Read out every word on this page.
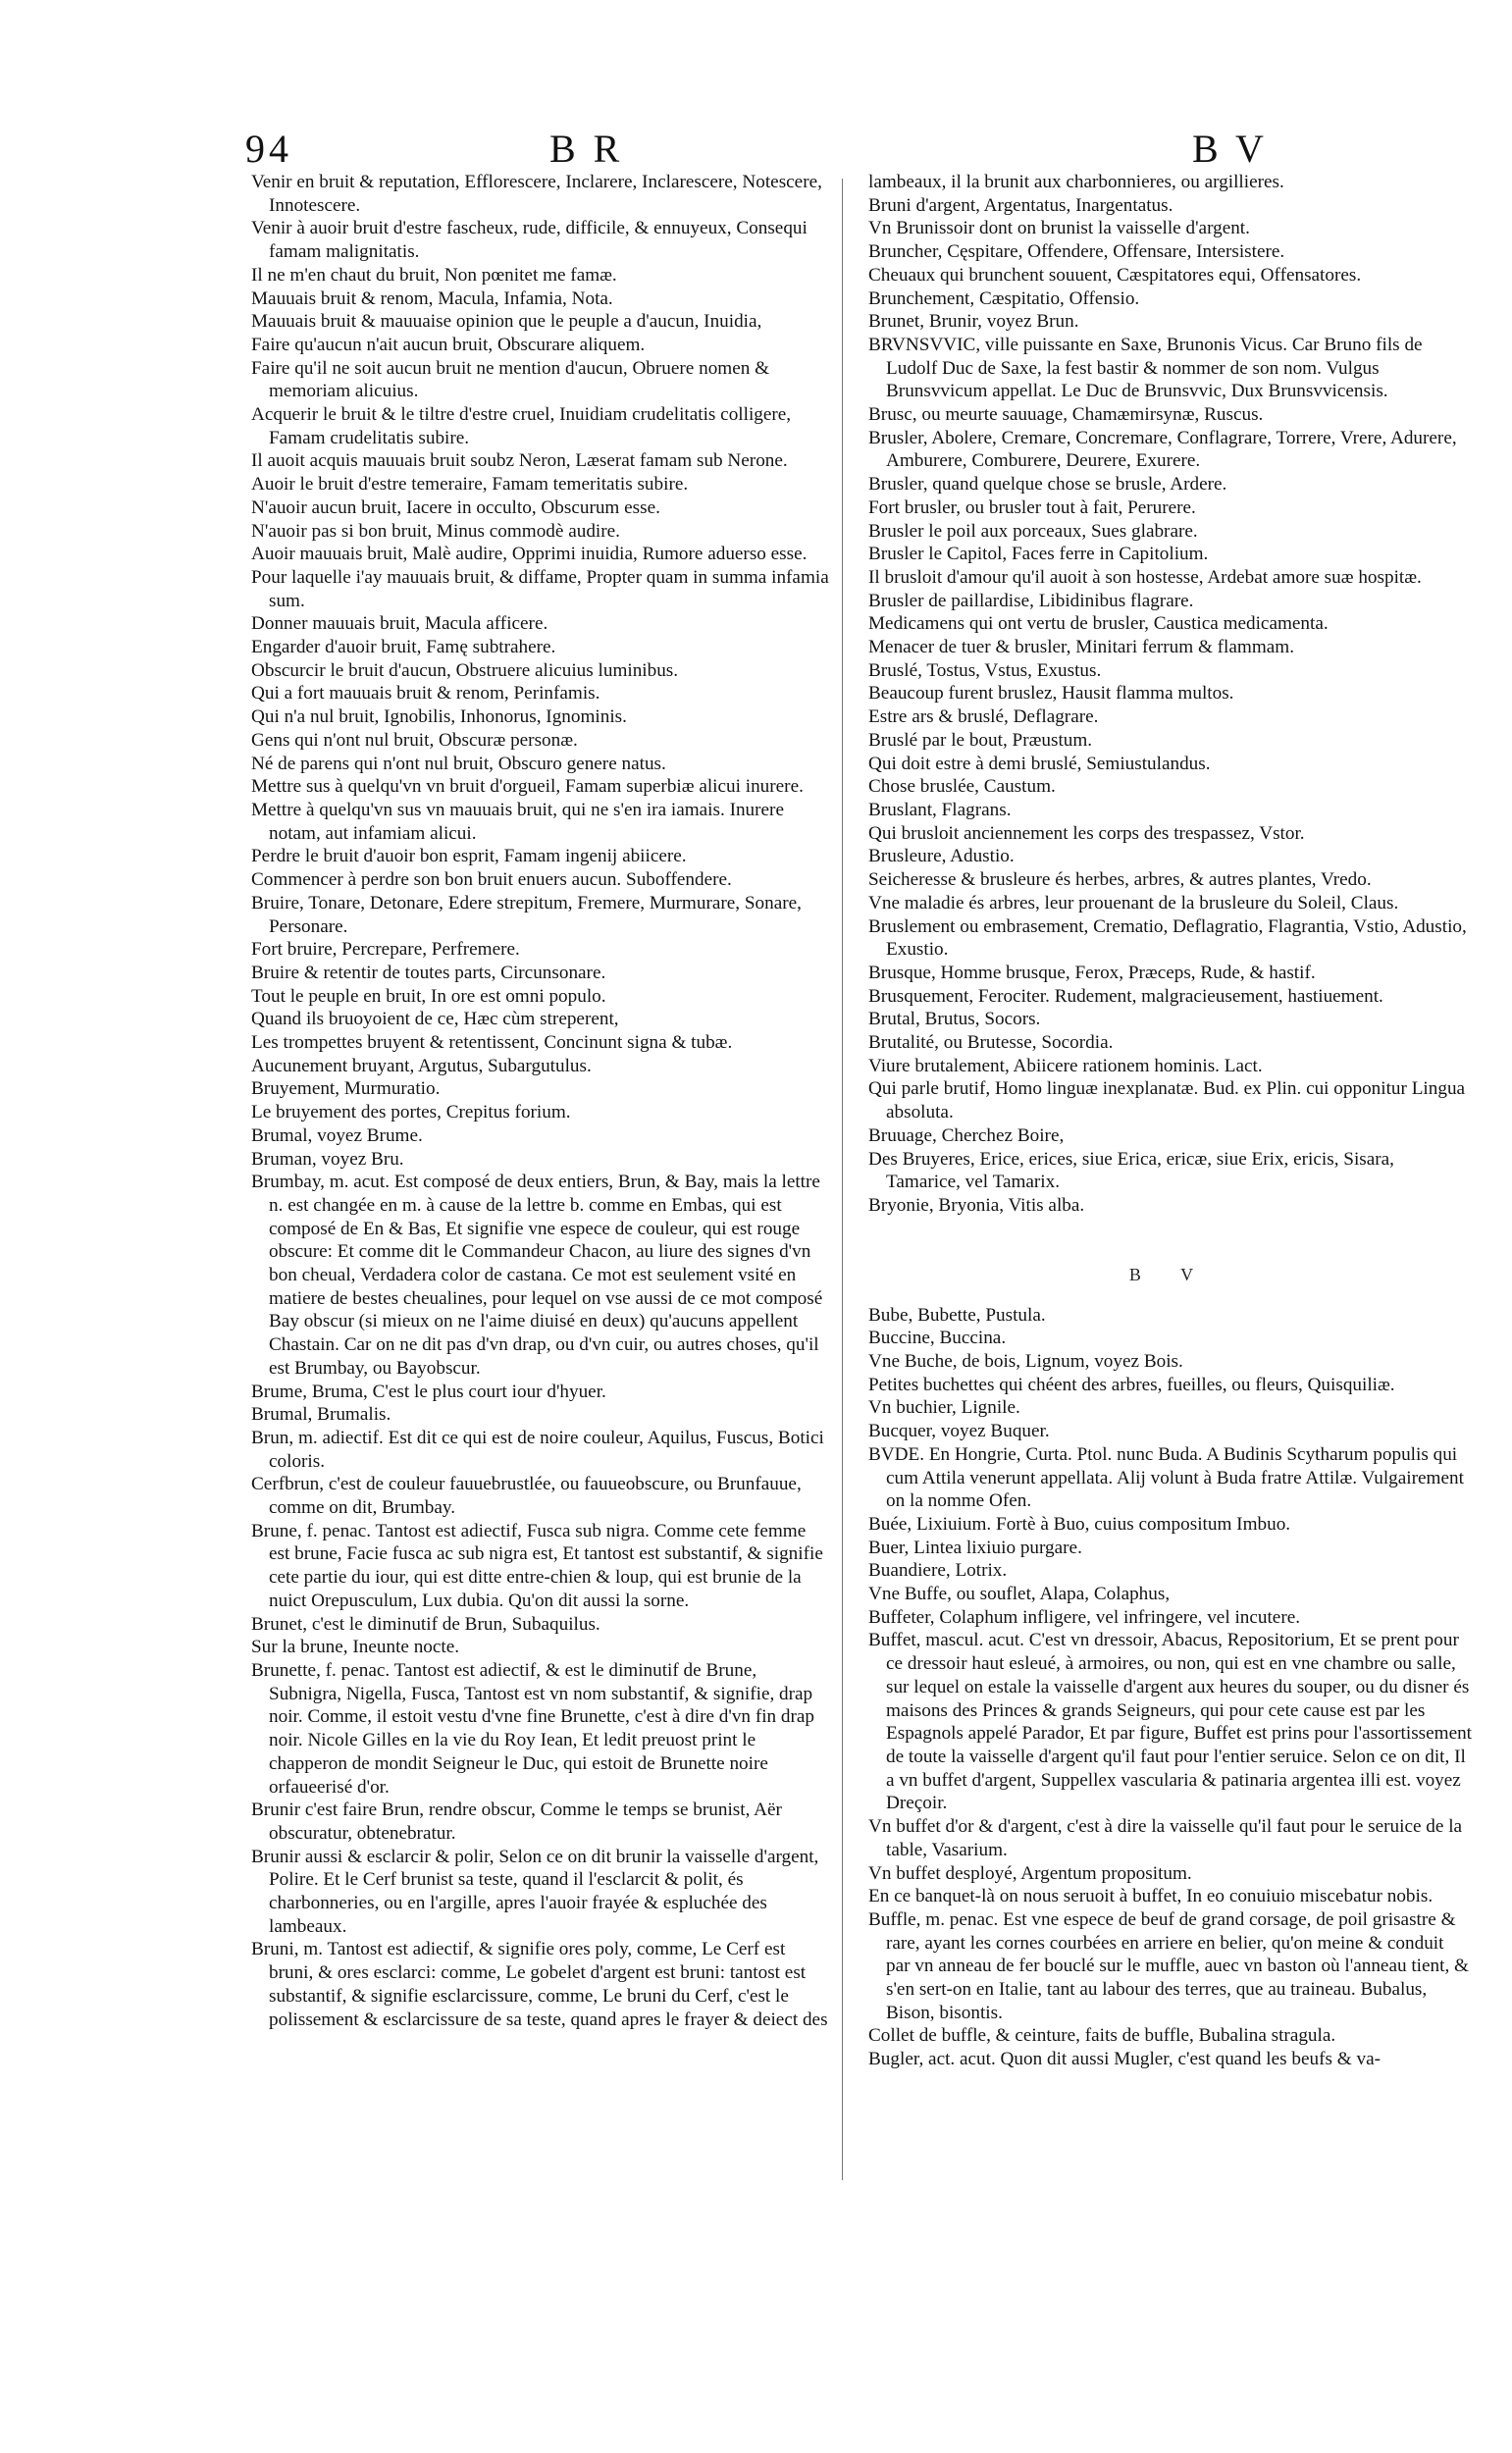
94	B R	B V
Venir en bruit & reputation, Efflorescere, Inclarere, Inclarescere, Notescere, Innotescere.
Venir à auoir bruit d'estre fascheux, rude, difficile, & ennuyeux, Consequi famam malignitatis.
Il ne m'en chaut du bruit, Non pœnitet me famæ.
Mauuais bruit & renom, Macula, Infamia, Nota.
Mauuais bruit & mauuaise opinion que le peuple a d'aucun, Inuidia,
Faire qu'aucun n'ait aucun bruit, Obscurare aliquem.
Faire qu'il ne soit aucun bruit ne mention d'aucun, Obruere nomen & memoriam alicuius.
Acquerir le bruit & le tiltre d'estre cruel, Inuidiam crudelitatis colligere, Famam crudelitatis subire.
Il auoit acquis mauuais bruit soubz Neron, Læserat famam sub Nerone.
Auoir le bruit d'estre temeraire, Famam temeritatis subire.
N'auoir aucun bruit, Iacere in occulto, Obscurum esse.
N'auoir pas si bon bruit, Minus commodè audire.
Auoir mauuais bruit, Malè audire, Opprimi inuidia, Rumore aduerso esse.
Pour laquelle i'ay mauuais bruit, & diffame, Propter quam in summa infamia sum.
Donner mauuais bruit, Macula afficere.
Engarder d'auoir bruit, Famę subtrahere.
Obscurcir le bruit d'aucun, Obstruere alicuius luminibus.
Qui a fort mauuais bruit & renom, Perinfamis.
Qui n'a nul bruit, Ignobilis, Inhonorus, Ignominis.
Gens qui n'ont nul bruit, Obscuræ personæ.
Né de parens qui n'ont nul bruit, Obscuro genere natus.
Mettre sus à quelqu'vn vn bruit d'orgueil, Famam superbiæ alicui inurere.
Mettre à quelqu'vn sus vn mauuais bruit, qui ne s'en ira iamais. Inurere notam, aut infamiam alicui.
Perdre le bruit d'auoir bon esprit, Famam ingenij abiicere.
Commencer à perdre son bon bruit enuers aucun. Suboffendere.
Bruire, Tonare, Detonare, Edere strepitum, Fremere, Murmurare, Sonare, Personare.
Fort bruire, Percrepare, Perfremere.
Bruire & retentir de toutes parts, Circunsonare.
Tout le peuple en bruit, In ore est omni populo.
Quand ils bruoyoient de ce, Hæc cùm streperent,
Les trompettes bruyent & retentissent, Concinunt signa & tubæ.
Aucunement bruyant, Argutus, Subargutulus.
Bruyement, Murmuratio.
Le bruyement des portes, Crepitus forium.
Brumal, voyez Brume.
Bruman, voyez Bru.
Brumbay, m. acut. Est composé de deux entiers, Brun, & Bay, mais la lettre n. est changée en m. à cause de la lettre b. comme en Embas, qui est composé de En & Bas, Et signifie vne espece de couleur, qui est rouge obscure: Et comme dit le Commandeur Chacon, au liure des signes d'vn bon cheual, Verdadera color de castana. Ce mot est seulement vsité en matiere de bestes cheualines, pour lequel on vse aussi de ce mot composé Bay obscur (si mieux on ne l'aime diuisé en deux) qu'aucuns appellent Chastain. Car on ne dit pas d'vn drap, ou d'vn cuir, ou autres choses, qu'il est Brumbay, ou Bayobscur.
Brume, Bruma, C'est le plus court iour d'hyuer.
Brumal, Brumalis.
Brun, m. adiectif. Est dit ce qui est de noire couleur, Aquilus, Fuscus, Botici coloris.
Cerfbrun, c'est de couleur fauuebrustlée, ou fauueobscure, ou Brunfauue, comme on dit, Brumbay.
Brune, f. penac. Tantost est adiectif, Fusca sub nigra. Comme cete femme est brune, Facie fusca ac sub nigra est, Et tantost est substantif, & signifie cete partie du iour, qui est ditte entre-chien & loup, qui est brunie de la nuict Orepusculum, Lux dubia. Qu'on dit aussi la sorne.
Brunet, c'est le diminutif de Brun, Subaquilus.
Sur la brune, Ineunte nocte.
Brunette, f. penac. Tantost est adiectif, & est le diminutif de Brune, Subnigra, Nigella, Fusca, Tantost est vn nom substantif, & signifie, drap noir. Comme, il estoit vestu d'vne fine Brunette, c'est à dire d'vn fin drap noir. Nicole Gilles en la vie du Roy Iean, Et ledit preuost print le chapperon de mondit Seigneur le Duc, qui estoit de Brunette noire orfaueerisé d'or.
Brunir c'est faire Brun, rendre obscur, Comme le temps se brunist, Aër obscuratur, obtenebratur.
Brunir aussi & esclarcir & polir, Selon ce on dit brunir la vaisselle d'argent, Polire. Et le Cerf brunist sa teste, quand il l'esclarcit & polit, és charbonneries, ou en l'argille, apres l'auoir frayée & espluchée des lambeaux.
Bruni, m. Tantost est adiectif, & signifie ores poly, comme, Le Cerf est bruni, & ores esclarci: comme, Le gobelet d'argent est bruni: tantost est substantif, & signifie esclarcissure, comme, Le bruni du Cerf, c'est le polissement & esclarcissure de sa teste, quand apres le frayer & deiect des
lambeaux, il la brunit aux charbonnieres, ou argillieres.
Bruni d'argent, Argentatus, Inargentatus.
Vn Brunissoir dont on brunist la vaisselle d'argent.
Bruncher, Cęspitare, Offendere, Offensare, Intersistere.
Cheuaux qui brunchent souuent, Cæspitatores equi, Offensatores.
Brunchement, Cæspitatio, Offensio.
Brunet, Brunir, voyez Brun.
BRVNSVVIC, ville puissante en Saxe, Brunonis Vicus. Car Bruno fils de Ludolf Duc de Saxe, la fest bastir & nommer de son nom. Vulgus Brunsvvicum appellat. Le Duc de Brunsvvic, Dux Brunsvvicensis.
Brusc, ou meurte sauuage, Chamæmirsynæ, Ruscus.
Brusler, Abolere, Cremare, Concremare, Conflagrare, Torrere, Vrere, Adurere, Amburere, Comburere, Deurere, Exurere.
Brusler, quand quelque chose se brusle, Ardere.
Fort brusler, ou brusler tout à fait, Perurere.
Brusler le poil aux porceaux, Sues glabrare.
Brusler le Capitol, Faces ferre in Capitolium.
Il brusloit d'amour qu'il auoit à son hostesse, Ardebat amore suæ hospitæ.
Brusler de paillardise, Libidinibus flagrare.
Medicamens qui ont vertu de brusler, Caustica medicamenta.
Menacer de tuer & brusler, Minitari ferrum & flammam.
Bruslé, Tostus, Vstus, Exustus.
Beaucoup furent bruslez, Hausit flamma multos.
Estre ars & bruslé, Deflagrare.
Bruslé par le bout, Præustum.
Qui doit estre à demi bruslé, Semiustulandus.
Chose bruslée, Caustum.
Bruslant, Flagrans.
Qui brusloit anciennement les corps des trespassez, Vstor.
Brusleure, Adustio.
Seicheresse & brusleure és herbes, arbres, & autres plantes, Vredo.
Vne maladie és arbres, leur prouenant de la brusleure du Soleil, Claus.
Bruslement ou embrasement, Crematio, Deflagratio, Flagrantia, Vstio, Adustio, Exustio.
Brusque, Homme brusque, Ferox, Præceps, Rude, & hastif.
Brusquement, Ferociter. Rudement, malgracieusement, hastiuement.
Brutal, Brutus, Socors.
Brutalité, ou Brutesse, Socordia.
Viure brutalement, Abiicere rationem hominis. Lact.
Qui parle brutif, Homo linguæ inexplanatæ. Bud. ex Plin. cui opponitur Lingua absoluta.
Bruuage, Cherchez Boire,
Des Bruyeres, Erice, erices, siue Erica, ericæ, siue Erix, ericis, Sisara, Tamarice, vel Tamarix.
Bryonie, Bryonia, Vitis alba.
B V
Bube, Bubette, Pustula.
Buccine, Buccina.
Vne Buche, de bois, Lignum, voyez Bois.
Petites buchettes qui chéent des arbres, fueilles, ou fleurs, Quisquiliæ.
Vn buchier, Lignile.
Bucquer, voyez Buquer.
BVDE. En Hongrie, Curta. Ptol. nunc Buda. A Budinis Scytharum populis qui cum Attila venerunt appellata. Alij volunt à Buda fratre Attilæ. Vulgairement on la nomme Ofen.
Buée, Lixiuium. Fortè à Buo, cuius compositum Imbuo.
Buer, Lintea lixiuio purgare.
Buandiere, Lotrix.
Vne Buffe, ou souflet, Alapa, Colaphus,
Buffeter, Colaphum infligere, vel infringere, vel incutere.
Buffet, mascul. acut. C'est vn dressoir, Abacus, Repositorium, Et se prent pour ce dressoir haut esleué, à armoires, ou non, qui est en vne chambre ou salle, sur lequel on estale la vaisselle d'argent aux heures du souper, ou du disner és maisons des Princes & grands Seigneurs, qui pour cete cause est par les Espagnols appelé Parador, Et par figure, Buffet est prins pour l'assortissement de toute la vaisselle d'argent qu'il faut pour l'entier seruice. Selon ce on dit, Il a vn buffet d'argent, Suppellex vascularia & patinaria argentea illi est. voyez Dreçoir.
Vn buffet d'or & d'argent, c'est à dire la vaisselle qu'il faut pour le seruice de la table, Vasarium.
Vn buffet desployé, Argentum propositum.
En ce banquet-là on nous seruoit à buffet, In eo conuiuio miscebatur nobis.
Buffle, m. penac. Est vne espece de beuf de grand corsage, de poil grisastre & rare, ayant les cornes courbées en arriere en belier, qu'on meine & conduit par vn anneau de fer bouclé sur le muffle, auec vn baston où l'anneau tient, & s'en sert-on en Italie, tant au labour des terres, que au traineau. Bubalus, Bison, bisontis.
Collet de buffle, & ceinture, faits de buffle, Bubalina stragula.
Bugler, act. acut. Quon dit aussi Mugler, c'est quand les beufs & va-
